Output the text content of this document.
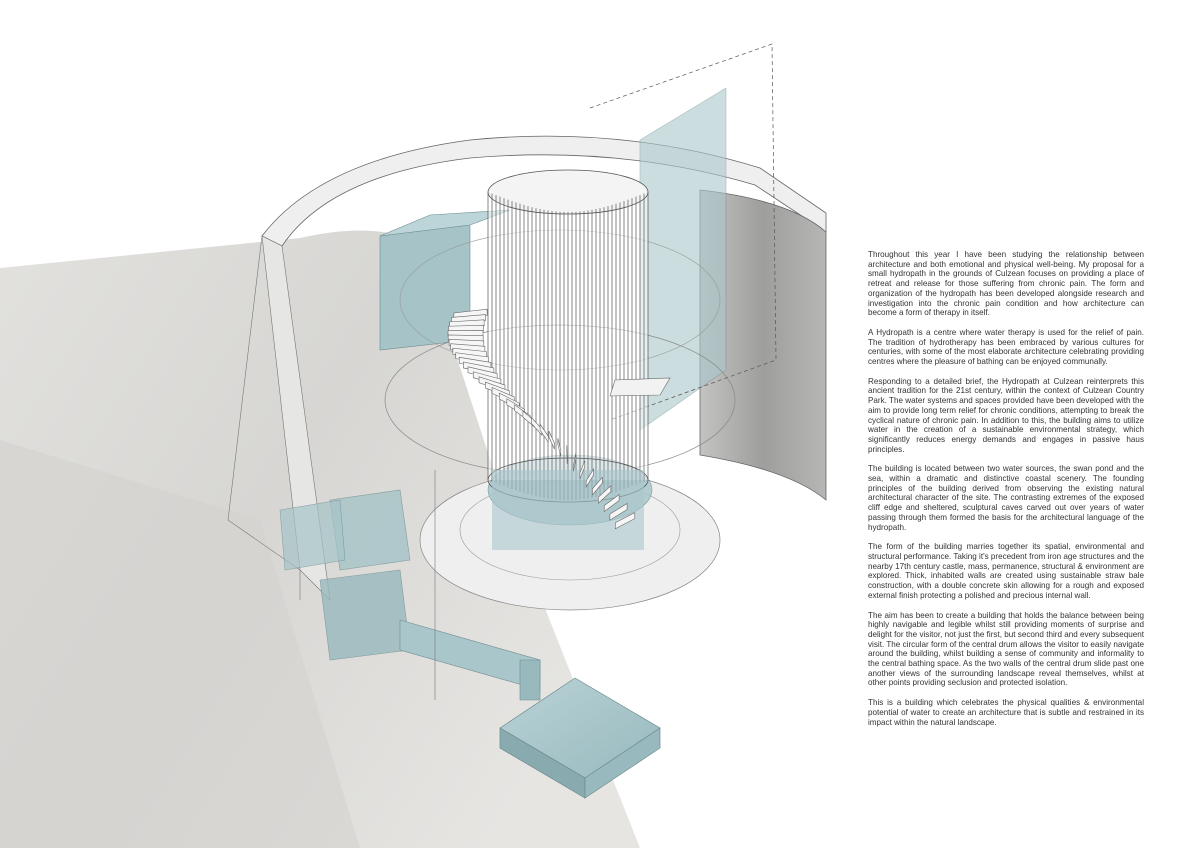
Throughout this year I have been studying the relationship between architecture and both emotional and physical well-being. My proposal for a small hydropath in the grounds of Culzean focuses on providing a place of retreat and release for those suffering from chronic pain. The form and organization of the hydropath has been developed alongside research and investigation into the chronic pain condition and how architecture can become a form of therapy in itself.

A Hydropath is a centre where water therapy is used for the relief of pain. The tradition of hydrotherapy has been embraced by various cultures for centuries, with some of the most elaborate architecture celebrating providing centres where the pleasure of bathing can be enjoyed communally.

Responding to a detailed brief, the Hydropath at Culzean reinterprets this ancient tradition for the 21st century, within the context of Culzean Country Park. The water systems and spaces provided have been developed with the aim to provide long term relief for chronic conditions, attempting to break the cyclical nature of chronic pain. In addition to this, the building aims to utilize water in the creation of a sustainable environmental strategy, which significantly reduces energy demands and engages in passive haus principles.

The building is located between two water sources, the swan pond and the sea, within a dramatic and distinctive coastal scenery. The founding principles of the building derived from observing the existing natural architectural character of the site. The contrasting extremes of the exposed cliff edge and sheltered, sculptural caves carved out over years of water passing through them formed the basis for the architectural language of the hydropath.

The form of the building marries together its spatial, environmental and structural performance. Taking it's precedent from iron age structures and the nearby 17th century castle, mass, permanence, structural & environment are explored. Thick, inhabited walls are created using sustainable straw bale construction, with a double concrete skin allowing for a rough and exposed external finish protecting a polished and precious internal wall.

The aim has been to create a building that holds the balance between being highly navigable and legible whilst still providing moments of surprise and delight for the visitor, not just the first, but second third and every subsequent visit. The circular form of the central drum allows the visitor to easily navigate around the building, whilst building a sense of community and informality to the central bathing space. As the two walls of the central drum slide past one another views of the surrounding landscape reveal themselves, whilst at other points providing seclusion and protected isolation.

This is a building which celebrates the physical qualities & environmental potential of water to create an architecture that is subtle and restrained in its impact within the natural landscape.
